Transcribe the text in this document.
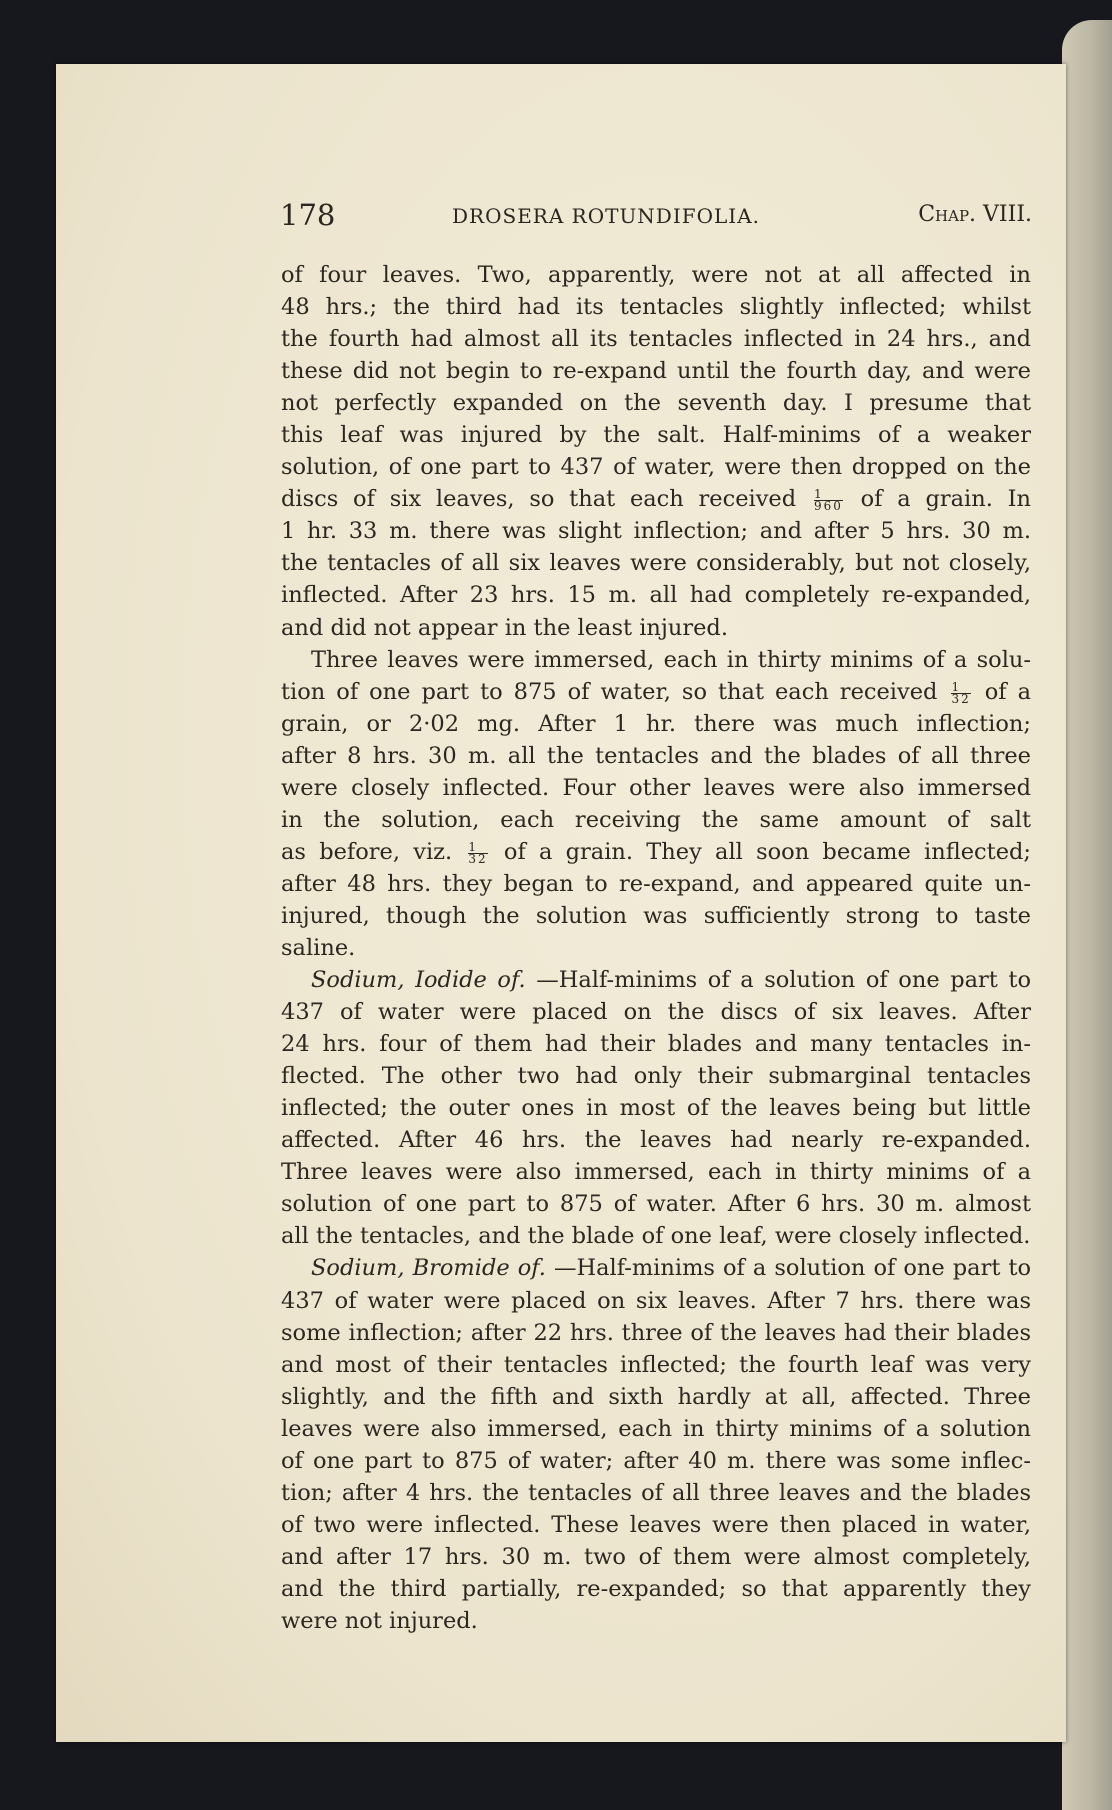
178	DROSERA ROTUNDIFOLIA.	Chap. VIII.
of four leaves. Two, apparently, were not at all affected in
48 hrs.; the third had its tentacles slightly inflected; whilst
the fourth had almost all its tentacles inflected in 24 hrs., and
these did not begin to re-expand until the fourth day, and were
not perfectly expanded on the seventh day. I presume that
this leaf was injured by the salt. Half-minims of a weaker
solution, of one part to 437 of water, were then dropped on the
discs of six leaves, so that each received $\frac{1}{960}$ of a grain. In
1 hr. 33 m. there was slight inflection; and after 5 hrs. 30 m.
the tentacles of all six leaves were considerably, but not closely,
inflected. After 23 hrs. 15 m. all had completely re-expanded,
and did not appear in the least injured.
Three leaves were immersed, each in thirty minims of a solu-
tion of one part to 875 of water, so that each received $\frac{1}{32}$ of a
grain, or 2·02 mg. After 1 hr. there was much inflection;
after 8 hrs. 30 m. all the tentacles and the blades of all three
were closely inflected. Four other leaves were also immersed
in the solution, each receiving the same amount of salt
as before, viz. $\frac{1}{32}$ of a grain. They all soon became inflected;
after 48 hrs. they began to re-expand, and appeared quite un-
injured, though the solution was sufficiently strong to taste
saline.
Sodium, Iodide of. —Half-minims of a solution of one part to
437 of water were placed on the discs of six leaves. After
24 hrs. four of them had their blades and many tentacles in-
flected. The other two had only their submarginal tentacles
inflected; the outer ones in most of the leaves being but little
affected. After 46 hrs. the leaves had nearly re-expanded.
Three leaves were also immersed, each in thirty minims of a
solution of one part to 875 of water. After 6 hrs. 30 m. almost
all the tentacles, and the blade of one leaf, were closely inflected.
Sodium, Bromide of. —Half-minims of a solution of one part to
437 of water were placed on six leaves. After 7 hrs. there was
some inflection; after 22 hrs. three of the leaves had their blades
and most of their tentacles inflected; the fourth leaf was very
slightly, and the fifth and sixth hardly at all, affected. Three
leaves were also immersed, each in thirty minims of a solution
of one part to 875 of water; after 40 m. there was some inflec-
tion; after 4 hrs. the tentacles of all three leaves and the blades
of two were inflected. These leaves were then placed in water,
and after 17 hrs. 30 m. two of them were almost completely,
and the third partially, re-expanded; so that apparently they
were not injured.
